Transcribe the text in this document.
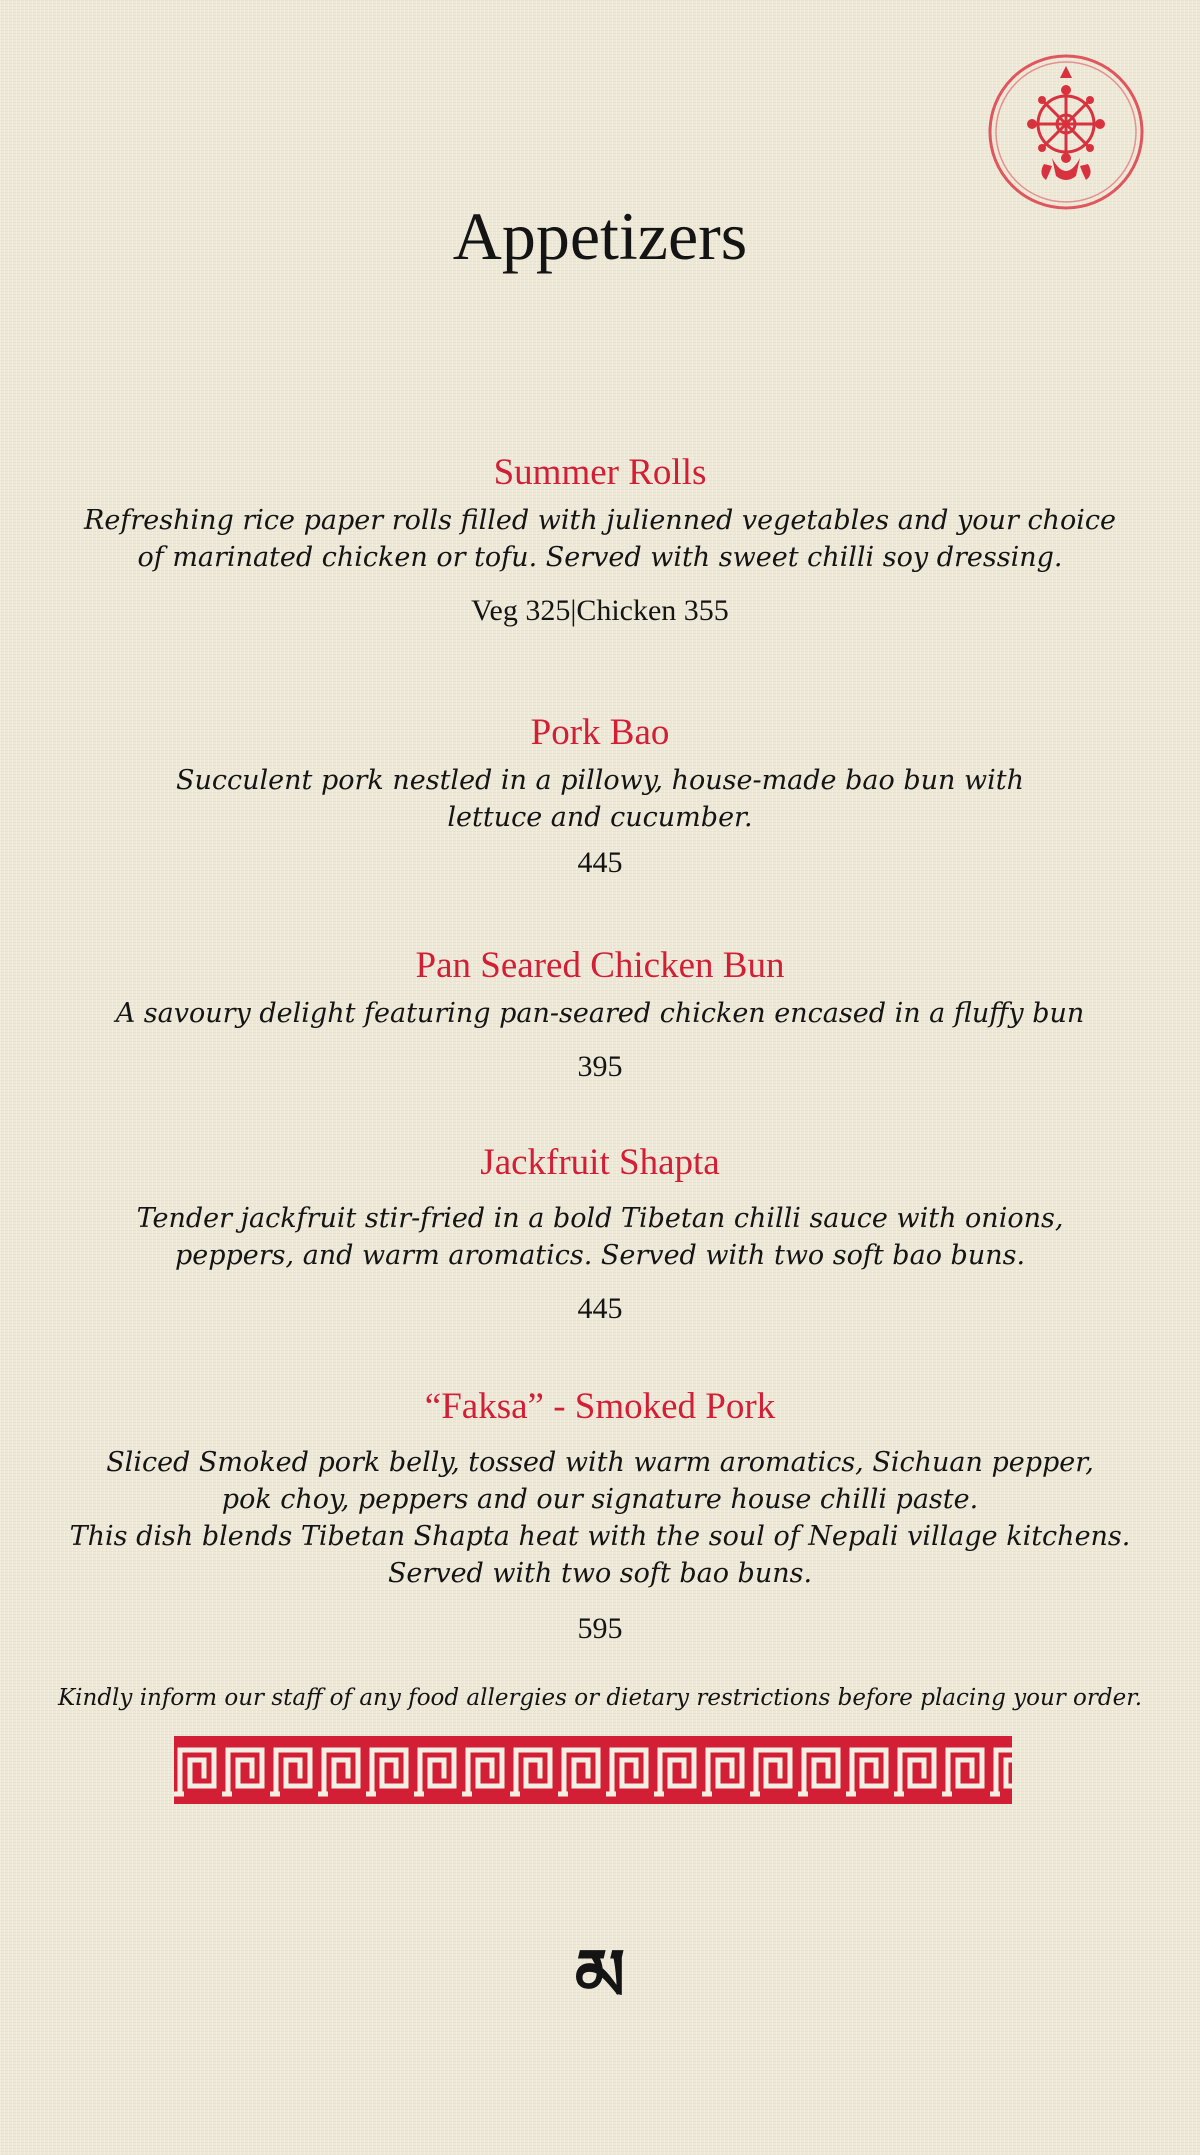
Appetizers

Summer Rolls

Refreshing rice paper rolls filled with julienned vegetables and your choice
of marinated chicken or tofu. Served with sweet chilli soy dressing.

Veg 325|Chicken 355

Pork Bao

Succulent pork nestled in a pillowy, house-made bao bun with
lettuce and cucumber.

445

Pan Seared Chicken Bun

A savoury delight featuring pan-seared chicken encased in a fluffy bun

395

Jackfruit Shapta

Tender jackfruit stir-fried in a bold Tibetan chilli sauce with onions,
peppers, and warm aromatics. Served with two soft bao buns.

445

“Faksa” - Smoked Pork

Sliced Smoked pork belly, tossed with warm aromatics, Sichuan pepper,
pok choy, peppers and our signature house chilli paste.
This dish blends Tibetan Shapta heat with the soul of Nepali village kitchens.
Served with two soft bao buns.

595

Kindly inform our staff of any food allergies or dietary restrictions before placing your order.

མ
